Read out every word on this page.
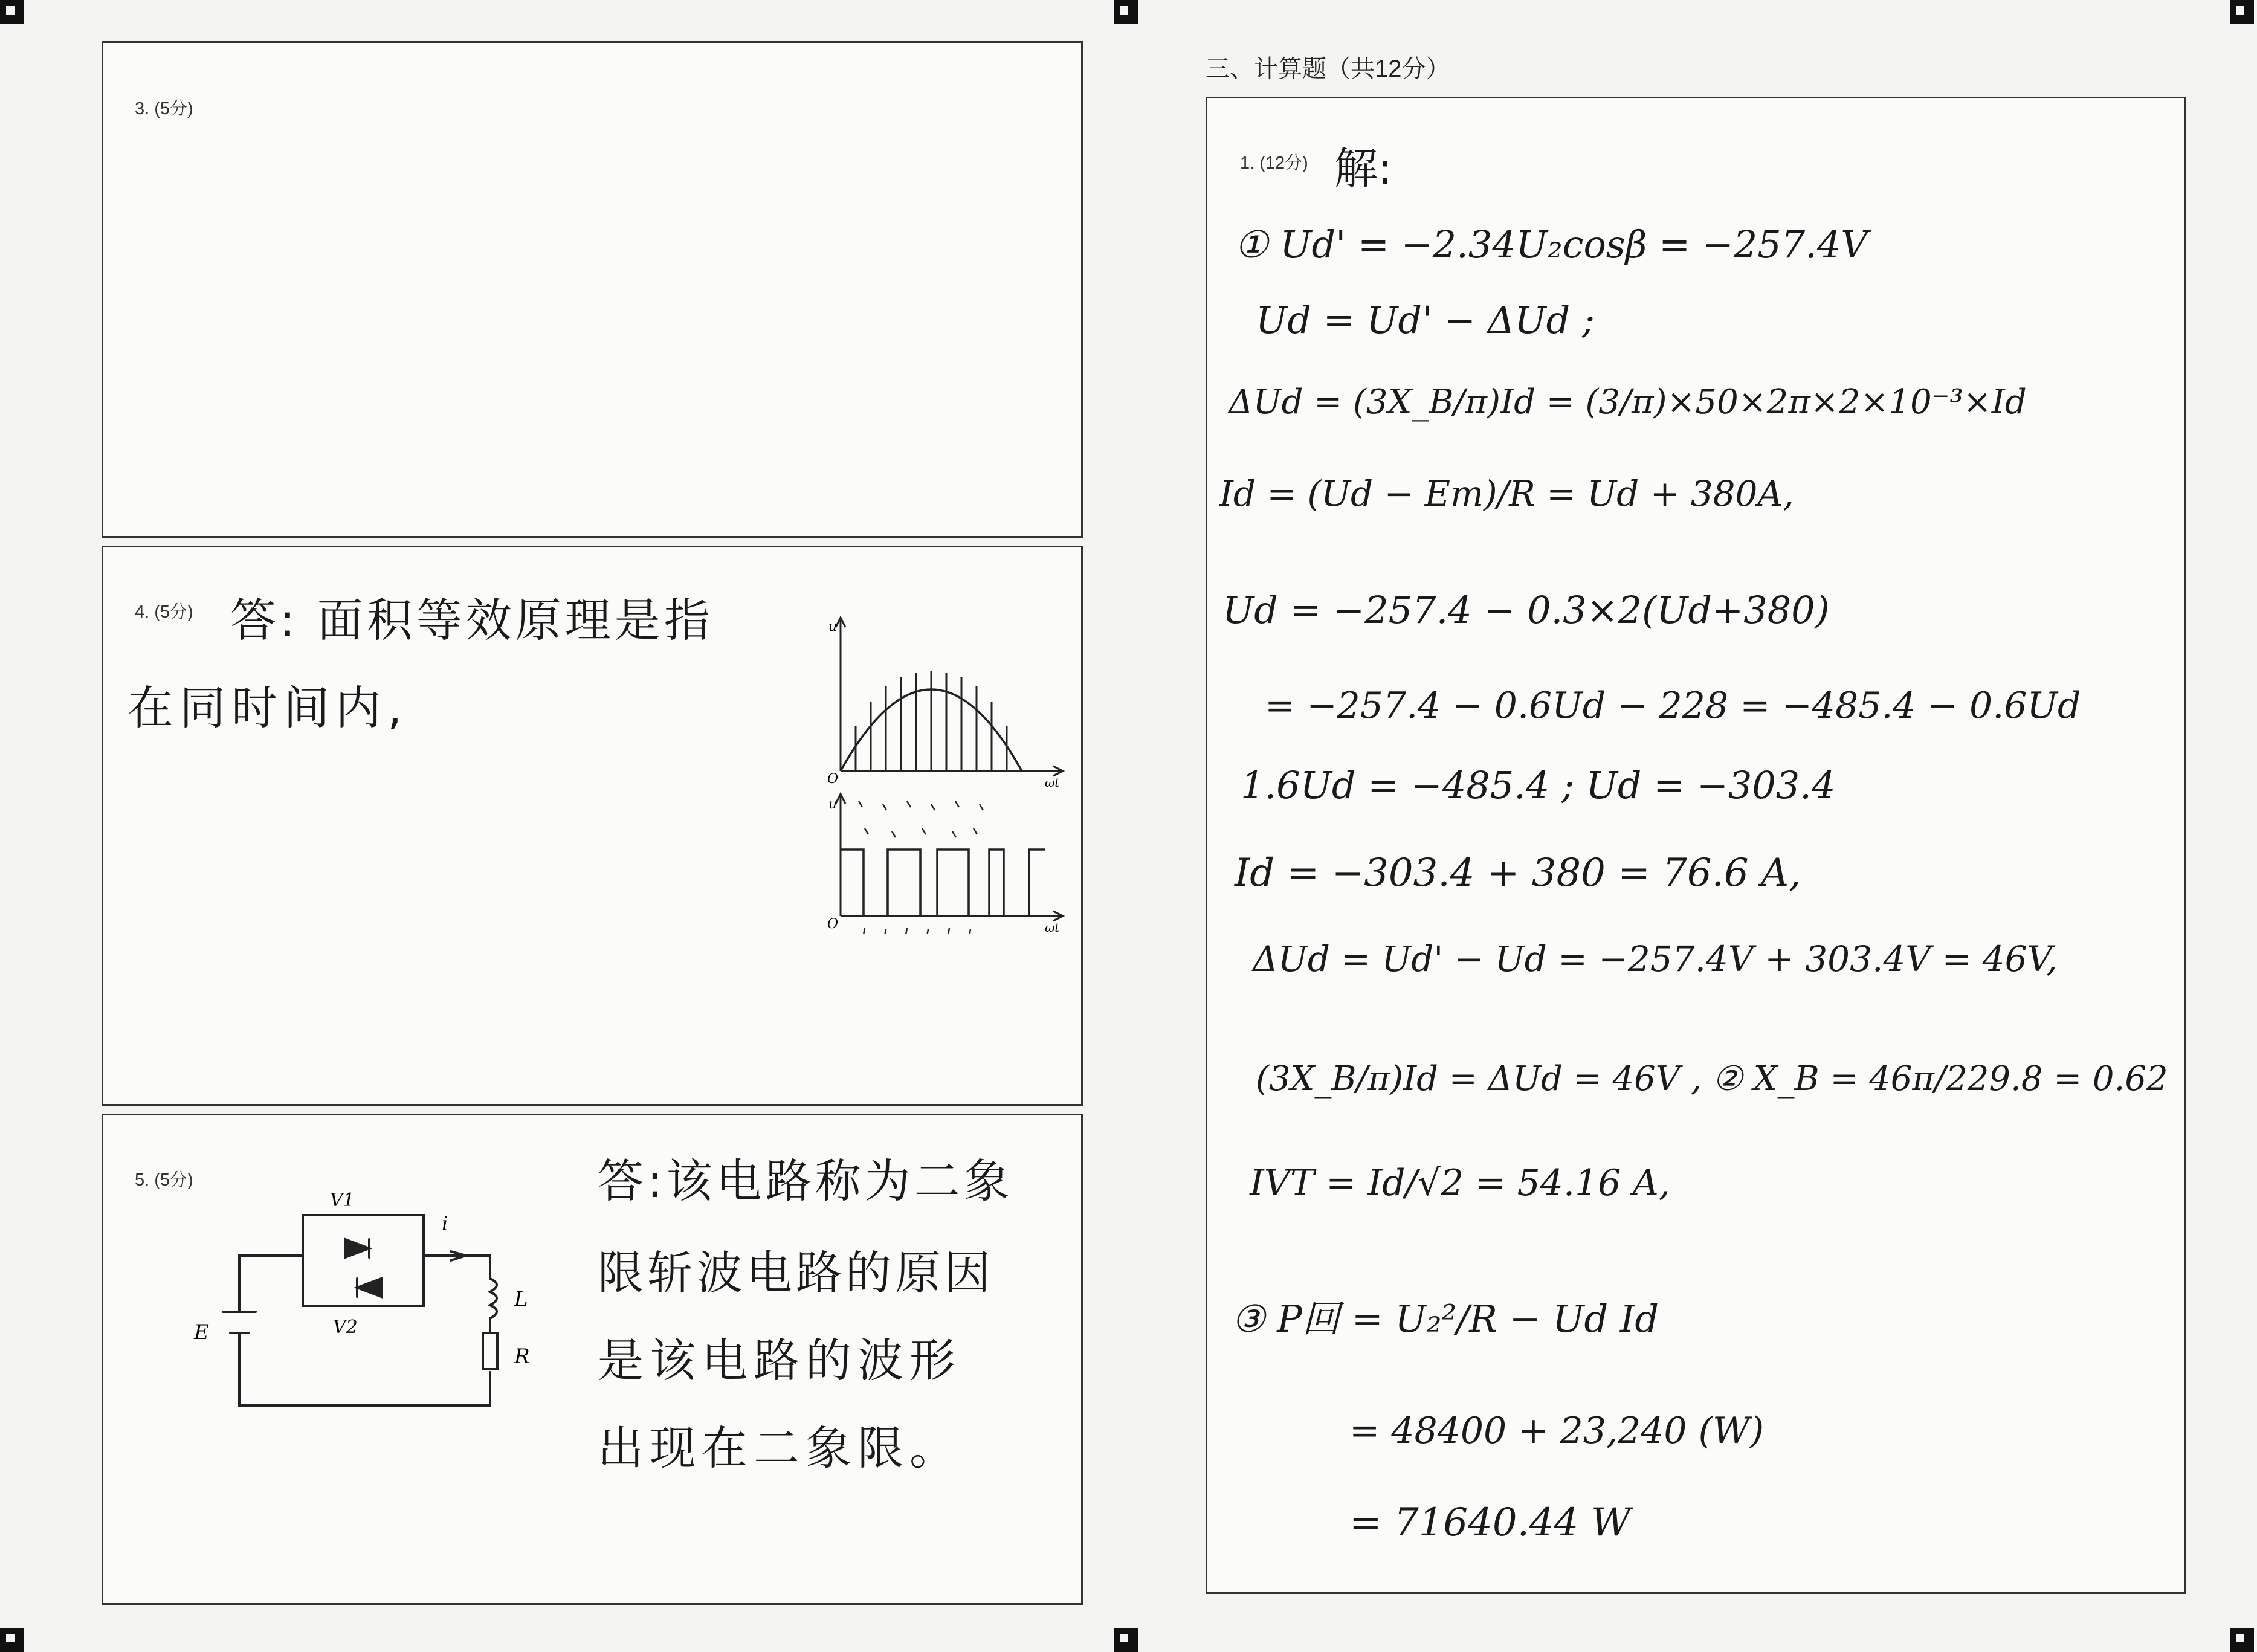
3. (5分)
4. (5分) 答: 面积等效原理是指
在同时间内,
u
O	ωt
u
O	ωt
5. (5分)
V1
V2
i
L
R
E
答:该电路称为二象
限斩波电路的原因
是该电路的波形
出现在二象限。
三、计算题（共12分）
1. (12分) 解:
① Ud' = −2.34U₂cosβ = −257.4V
Ud = Ud' − ΔUd ;
ΔUd = (3X_B/π)Id = (3/π)×50×2π×2×10⁻³×Id
Id = (Ud − Em)/R = Ud + 380A,
Ud = −257.4 − 0.3×2(Ud+380)
= −257.4 − 0.6Ud − 228 = −485.4 − 0.6Ud
1.6Ud = −485.4 ; Ud = −303.4
Id = −303.4 + 380 = 76.6 A,
ΔUd = Ud' − Ud = −257.4V + 303.4V = 46V,
(3X_B/π)Id = ΔUd = 46V , ② X_B = 46π/229.8 = 0.62
IVT = Id/√2 = 54.16 A,
③ P回 = U₂²/R − Ud Id
= 48400 + 23,240 (W)
= 71640.44 W
